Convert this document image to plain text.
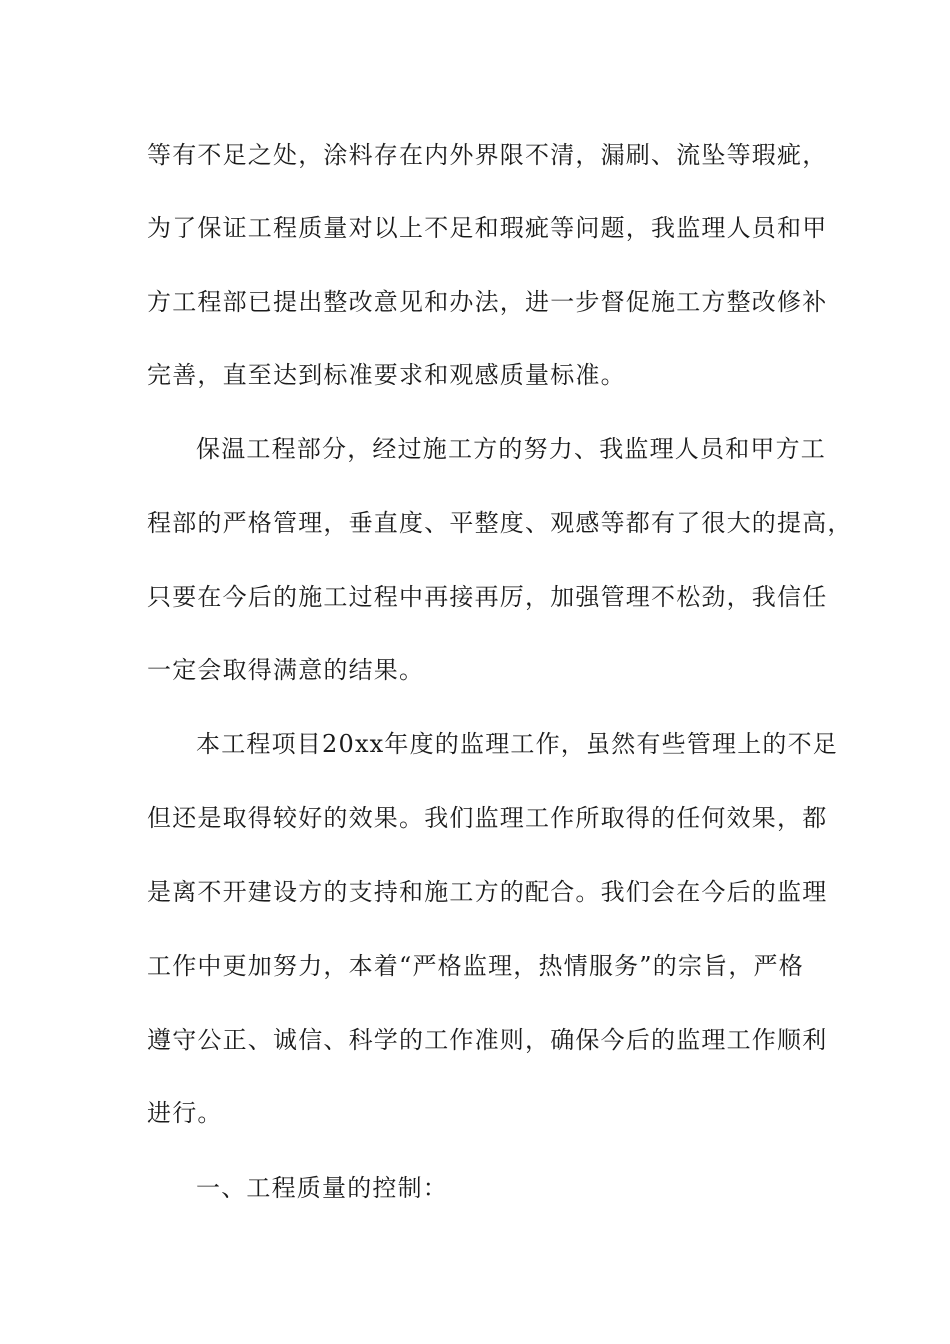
等有不足之处，涂料存在内外界限不清，漏刷、流坠等瑕疵，
为了保证工程质量对以上不足和瑕疵等问题，我监理人员和甲
方工程部已提出整改意见和办法，进一步督促施工方整改修补
完善，直至达到标准要求和观感质量标准。
保温工程部分，经过施工方的努力、我监理人员和甲方工
程部的严格管理，垂直度、平整度、观感等都有了很大的提高，
只要在今后的施工过程中再接再厉，加强管理不松劲，我信任
一定会取得满意的结果。
本工程项目20xx年度的监理工作，虽然有些管理上的不足
但还是取得较好的效果。我们监理工作所取得的任何效果，都
是离不开建设方的支持和施工方的配合。我们会在今后的监理
工作中更加努力，本着“严格监理，热情服务”的宗旨，严格
遵守公正、诚信、科学的工作准则，确保今后的监理工作顺利
进行。
一、工程质量的控制：
